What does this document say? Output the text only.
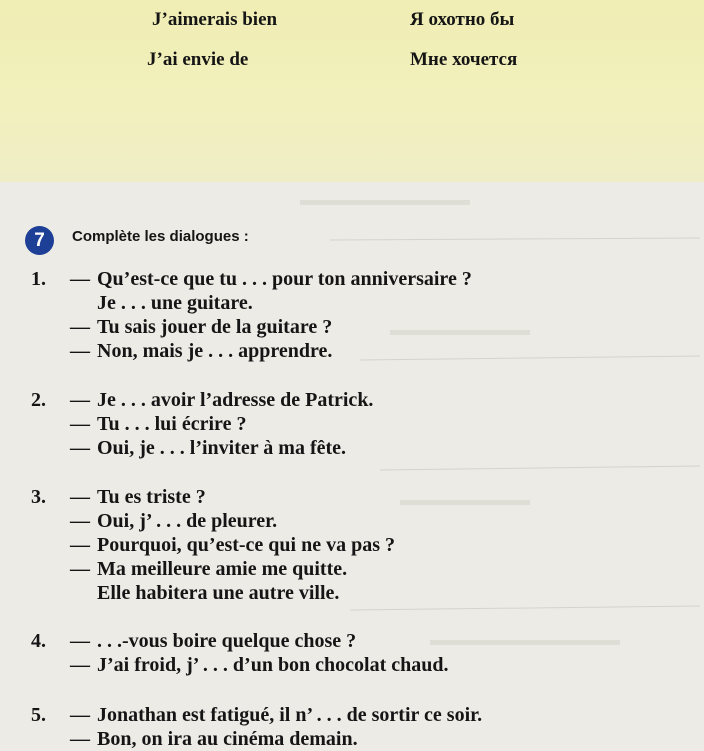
J’aimerais bien	Я охотно бы
J’ai envie de	Мне хочется
7	Complète les dialogues :
1. — Qu’est-ce que tu . . . pour ton anniversaire ?
Je . . . une guitare.
— Tu sais jouer de la guitare ?
— Non, mais je . . . apprendre.
2. — Je . . . avoir l’adresse de Patrick.
— Tu . . . lui écrire ?
— Oui, je . . . l’inviter à ma fête.
3. — Tu es triste ?
— Oui, j’ . . . de pleurer.
— Pourquoi, qu’est-ce qui ne va pas ?
— Ma meilleure amie me quitte.
Elle habitera une autre ville.
4. — . . .-vous boire quelque chose ?
— J’ai froid, j’ . . . d’un bon chocolat chaud.
5. — Jonathan est fatigué, il n’ . . . de sortir ce soir.
— Bon, on ira au cinéma demain.
